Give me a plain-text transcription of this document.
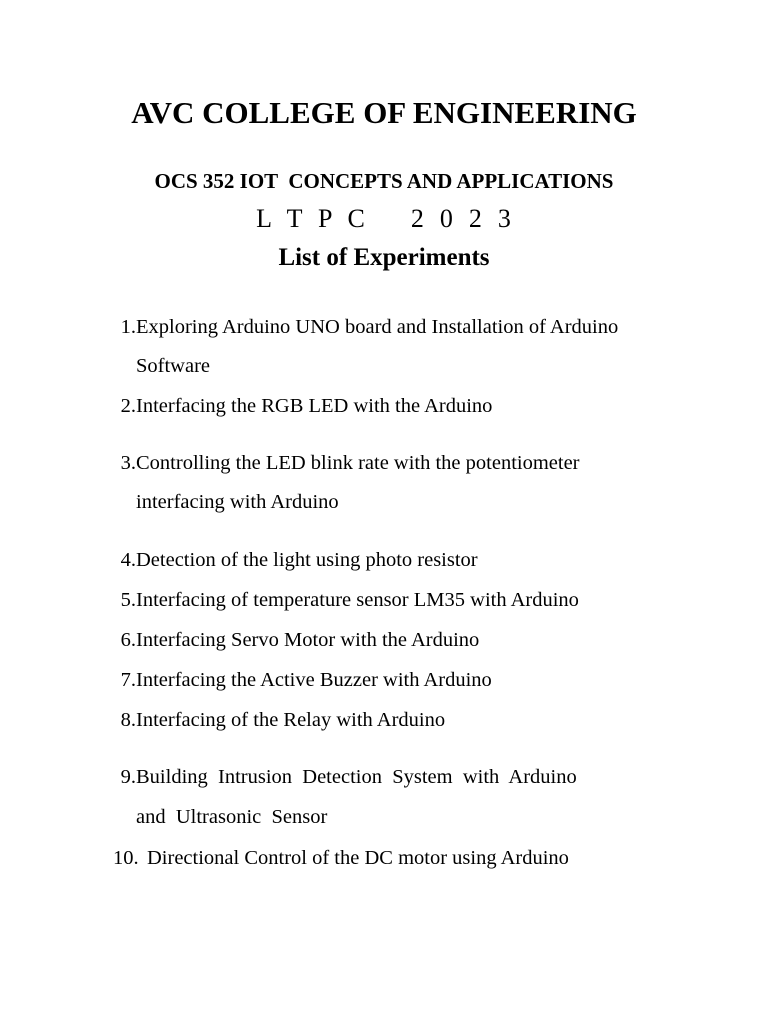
AVC COLLEGE OF ENGINEERING
OCS 352 IOT  CONCEPTS AND APPLICATIONS
L  T  P  C      2  0  2  3
List of Experiments
1. Exploring Arduino UNO board and Installation of Arduino
Software
2. Interfacing the RGB LED with the Arduino
3. Controlling the LED blink rate with the potentiometer
interfacing with Arduino
4. Detection of the light using photo resistor
5. Interfacing of temperature sensor LM35 with Arduino
6. Interfacing Servo Motor with the Arduino
7. Interfacing the Active Buzzer with Arduino
8. Interfacing of the Relay with Arduino
9. Building  Intrusion  Detection  System  with  Arduino
and  Ultrasonic  Sensor
10. Directional Control of the DC motor using Arduino
